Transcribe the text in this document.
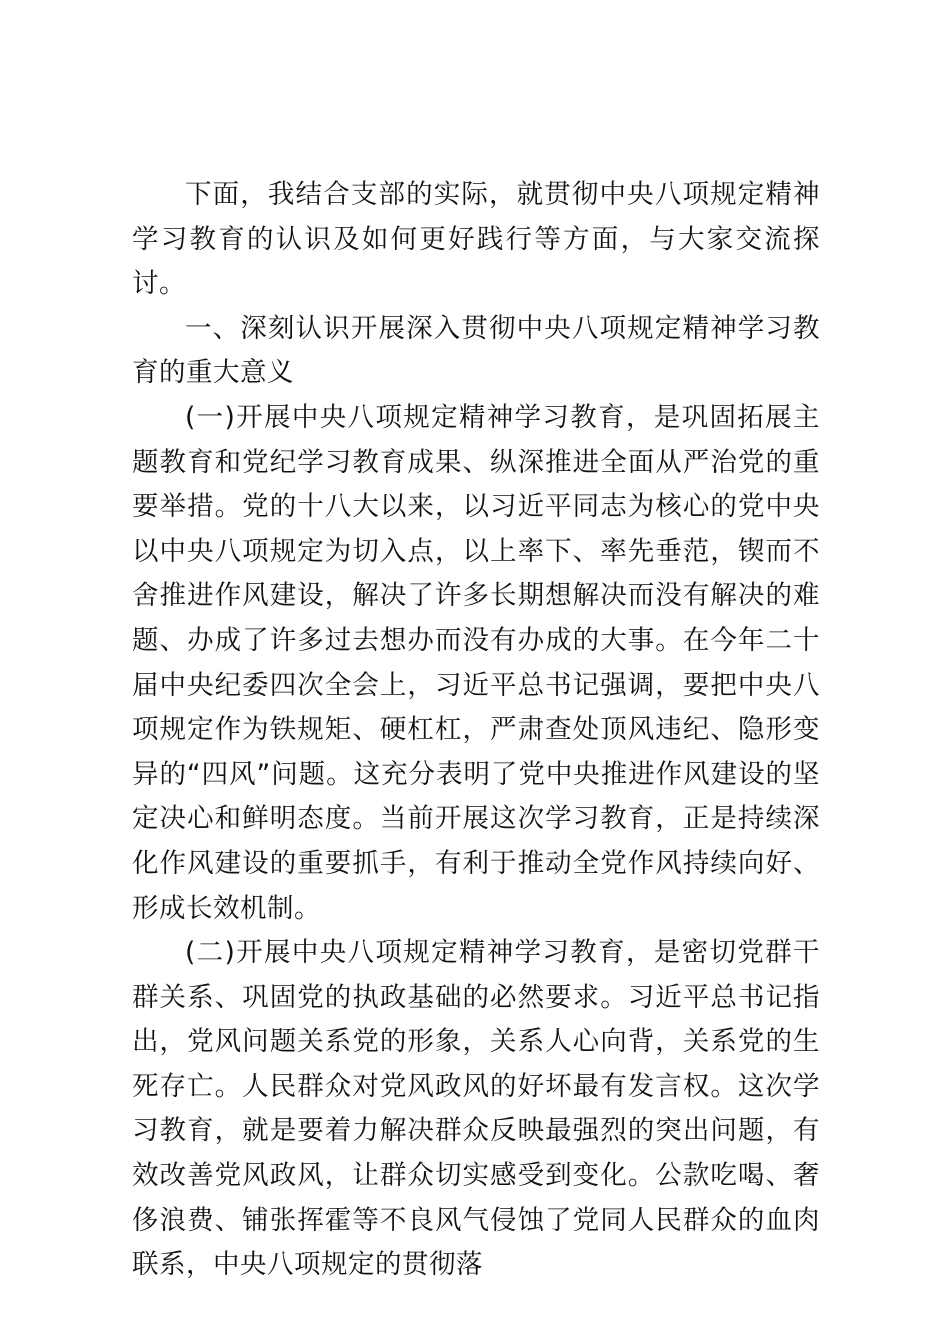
下面，我结合支部的实际，就贯彻中央八项规定精神学习教育的认识及如何更好践行等方面，与大家交流探讨。

一、深刻认识开展深入贯彻中央八项规定精神学习教育的重大意义

(一)开展中央八项规定精神学习教育，是巩固拓展主题教育和党纪学习教育成果、纵深推进全面从严治党的重要举措。党的十八大以来，以习近平同志为核心的党中央以中央八项规定为切入点，以上率下、率先垂范，锲而不舍推进作风建设，解决了许多长期想解决而没有解决的难题、办成了许多过去想办而没有办成的大事。在今年二十届中央纪委四次全会上，习近平总书记强调，要把中央八项规定作为铁规矩、硬杠杠，严肃查处顶风违纪、隐形变异的“四风”问题。这充分表明了党中央推进作风建设的坚定决心和鲜明态度。当前开展这次学习教育，正是持续深化作风建设的重要抓手，有利于推动全党作风持续向好、形成长效机制。

(二)开展中央八项规定精神学习教育，是密切党群干群关系、巩固党的执政基础的必然要求。习近平总书记指出，党风问题关系党的形象，关系人心向背，关系党的生死存亡。人民群众对党风政风的好坏最有发言权。这次学习教育，就是要着力解决群众反映最强烈的突出问题，有效改善党风政风，让群众切实感受到变化。公款吃喝、奢侈浪费、铺张挥霍等不良风气侵蚀了党同人民群众的血肉联系，中央八项规定的贯彻落
